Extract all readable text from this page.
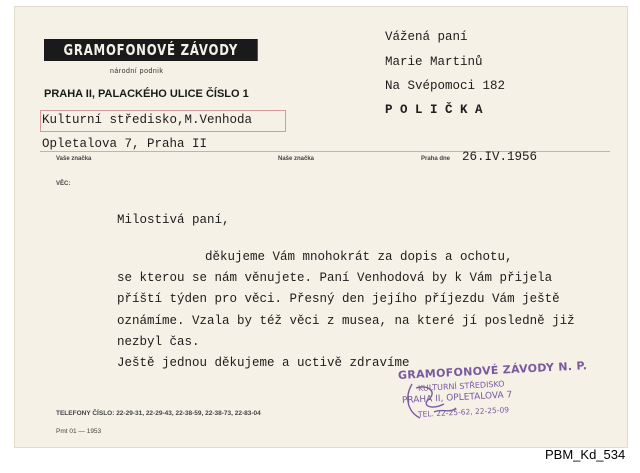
GRAMOFONOVÉ ZÁVODY
národní podnik
PRAHA II, PALACKÉHO ULICE ČÍSLO 1
Vážená paní
Marie Martinů
Na Svépomoci 182
P O L I Č K A
Kulturní středisko,M.Venhoda
Opletalova 7, Praha II
Vaše značka	Naše značka	Praha dne 26.IV.1956
VĚC:
Milostivá paní,
děkujeme Vám mnohokrát za dopis a ochotu,
se kterou se nám věnujete. Paní Venhodová by k Vám přijela
příští týden pro věci. Přesný den jejího příjezdu Vám ještě
oznámíme. Vzala by též věci z musea, na které jí posledně již
nezbyl čas.
Ještě jednou děkujeme a uctivě zdravíme
GRAMOFONOVÉ ZÁVODY N. P.
KULTURNÍ STŘEDISKO
PRAHA II, OPLETALOVA 7
TEL. 22-25-62, 22-25-09
TELEFONY ČÍSLO: 22-29-31, 22-29-43, 22-38-59, 22-38-73, 22-83-04
Pmt 01 — 1953
PBM_Kd_534
